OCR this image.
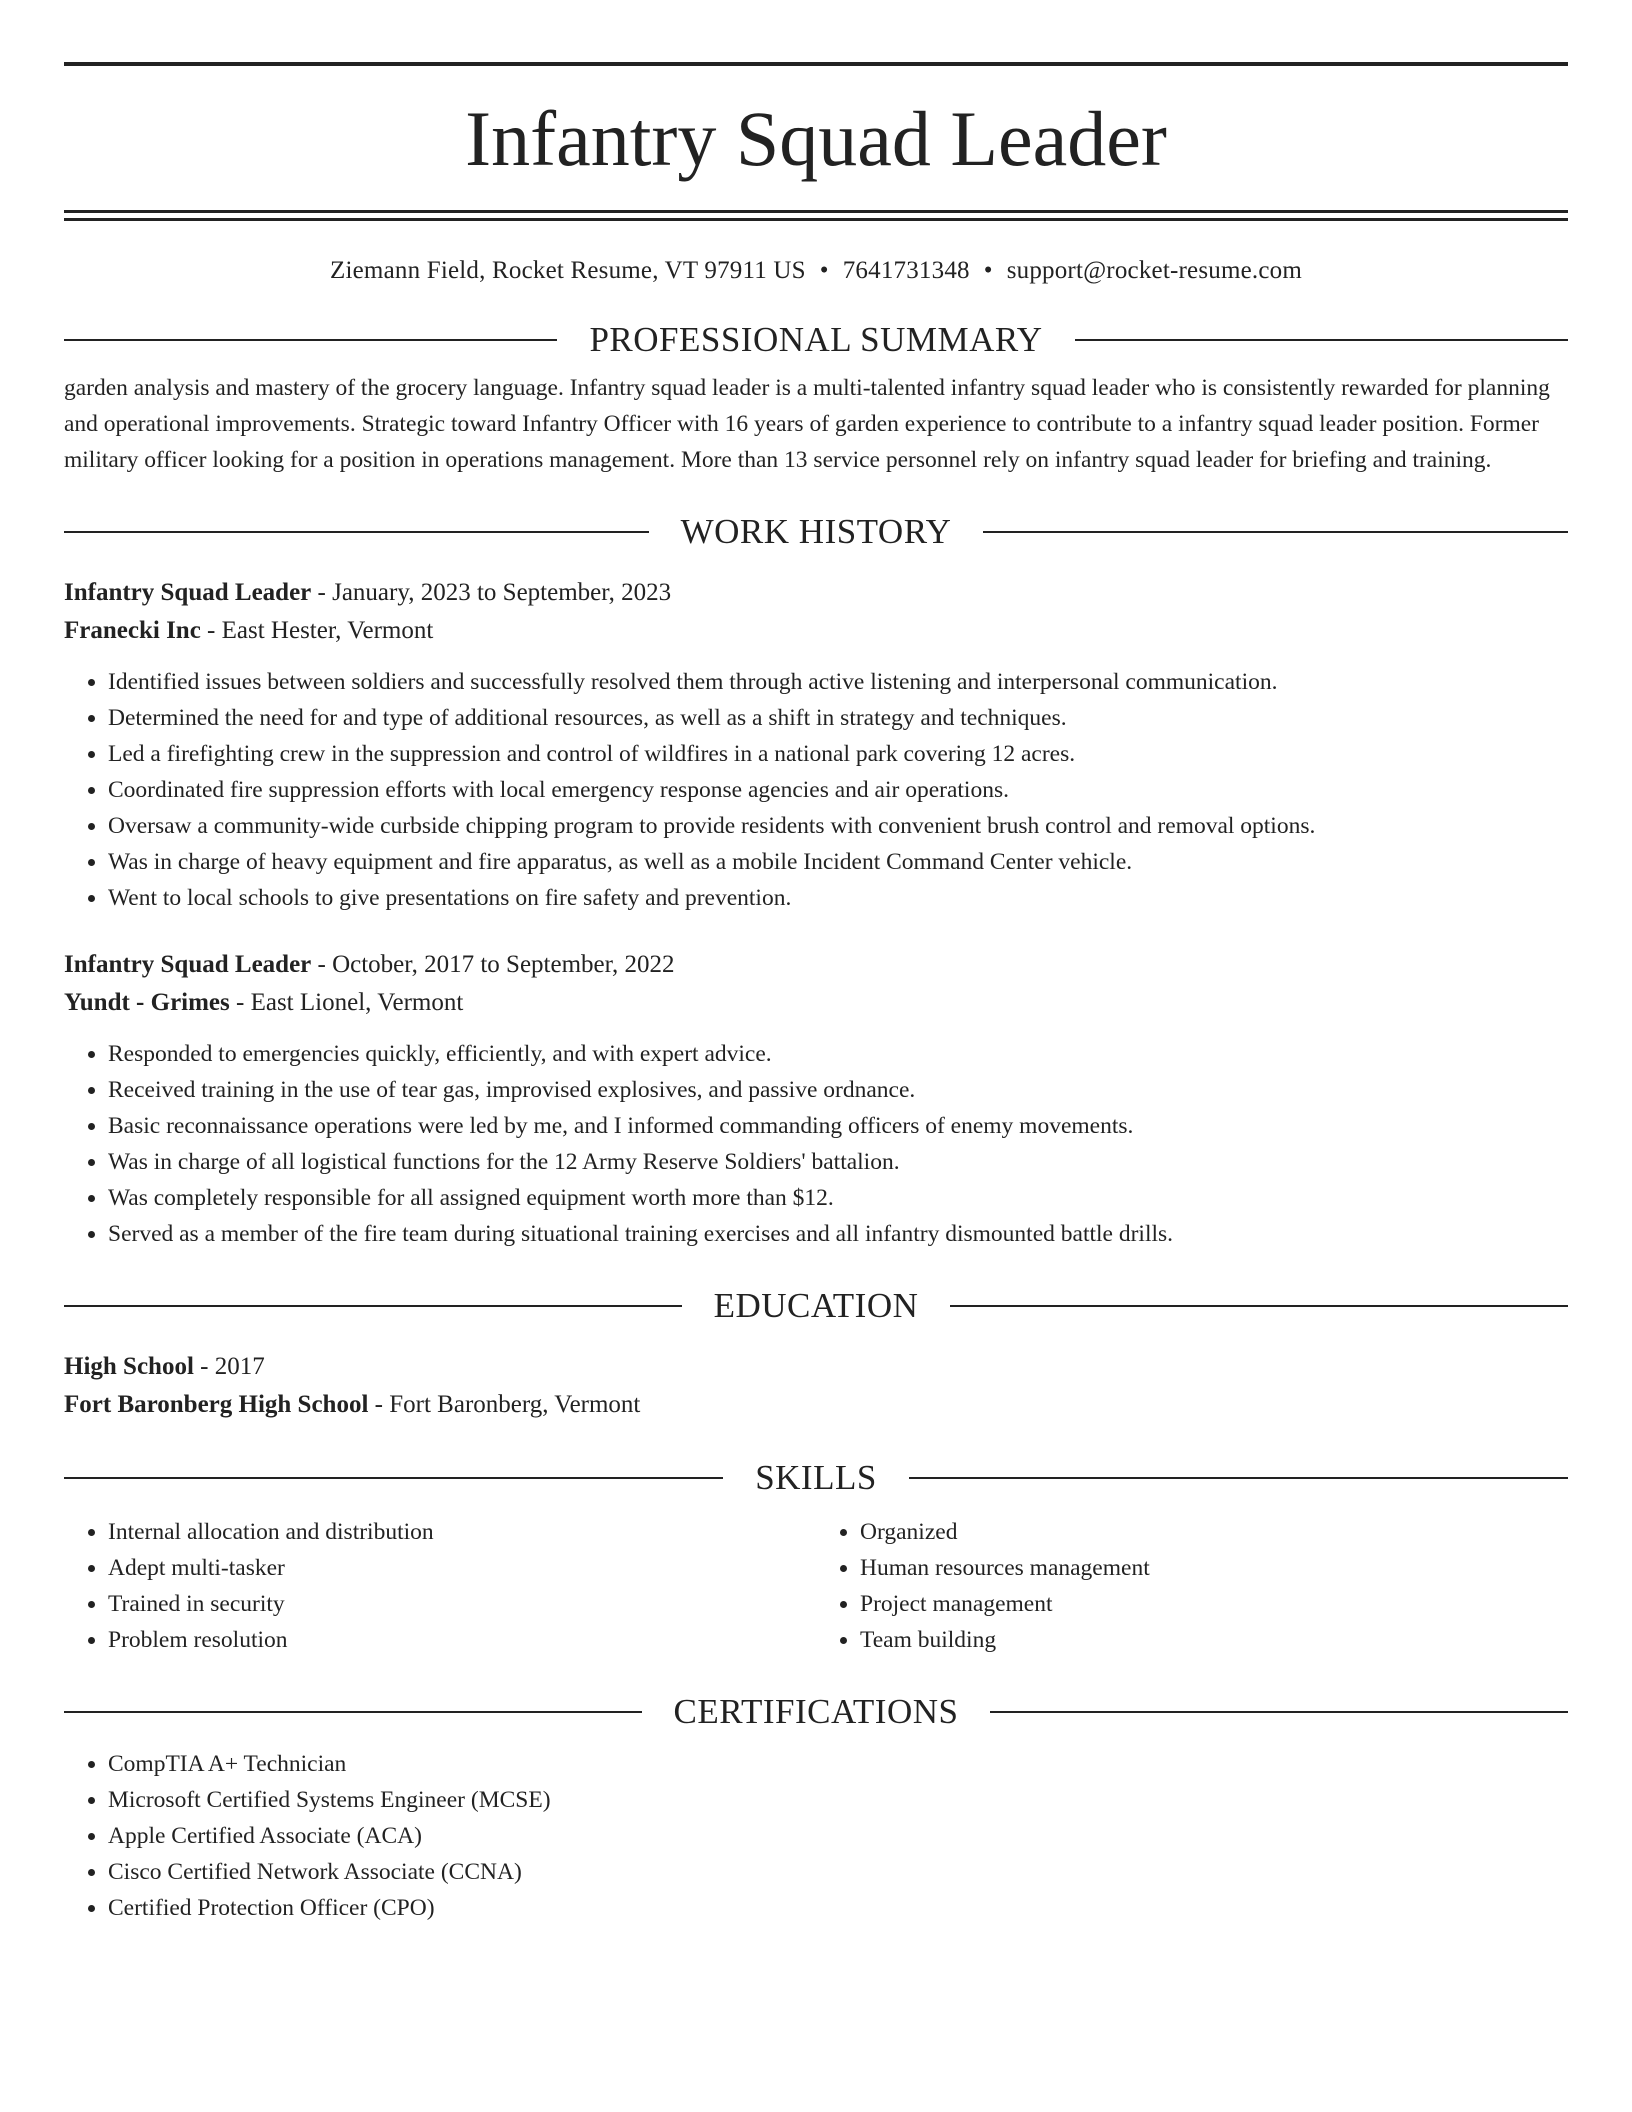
Infantry Squad Leader
Ziemann Field, Rocket Resume, VT 97911 US • 7641731348 • support@rocket-resume.com
PROFESSIONAL SUMMARY

garden analysis and mastery of the grocery language. Infantry squad leader is a multi-talented infantry squad leader who is consistently rewarded for planning and operational improvements. Strategic toward Infantry Officer with 16 years of garden experience to contribute to a infantry squad leader position. Former military officer looking for a position in operations management. More than 13 service personnel rely on infantry squad leader for briefing and training.

WORK HISTORY
Infantry Squad Leader - January, 2023 to September, 2023
Franecki Inc - East Hester, Vermont
• Identified issues between soldiers and successfully resolved them through active listening and interpersonal communication.
• Determined the need for and type of additional resources, as well as a shift in strategy and techniques.
• Led a firefighting crew in the suppression and control of wildfires in a national park covering 12 acres.
• Coordinated fire suppression efforts with local emergency response agencies and air operations.
• Oversaw a community-wide curbside chipping program to provide residents with convenient brush control and removal options.
• Was in charge of heavy equipment and fire apparatus, as well as a mobile Incident Command Center vehicle.
• Went to local schools to give presentations on fire safety and prevention.
Infantry Squad Leader - October, 2017 to September, 2022
Yundt - Grimes - East Lionel, Vermont
• Responded to emergencies quickly, efficiently, and with expert advice.
• Received training in the use of tear gas, improvised explosives, and passive ordnance.
• Basic reconnaissance operations were led by me, and I informed commanding officers of enemy movements.
• Was in charge of all logistical functions for the 12 Army Reserve Soldiers' battalion.
• Was completely responsible for all assigned equipment worth more than $12.
• Served as a member of the fire team during situational training exercises and all infantry dismounted battle drills.
EDUCATION
High School - 2017
Fort Baronberg High School - Fort Baronberg, Vermont
SKILLS
• Internal allocation and distribution
• Adept multi-tasker
• Trained in security
• Problem resolution
• Organized
• Human resources management
• Project management
• Team building
CERTIFICATIONS
• CompTIA A+ Technician
• Microsoft Certified Systems Engineer (MCSE)
• Apple Certified Associate (ACA)
• Cisco Certified Network Associate (CCNA)
• Certified Protection Officer (CPO)
